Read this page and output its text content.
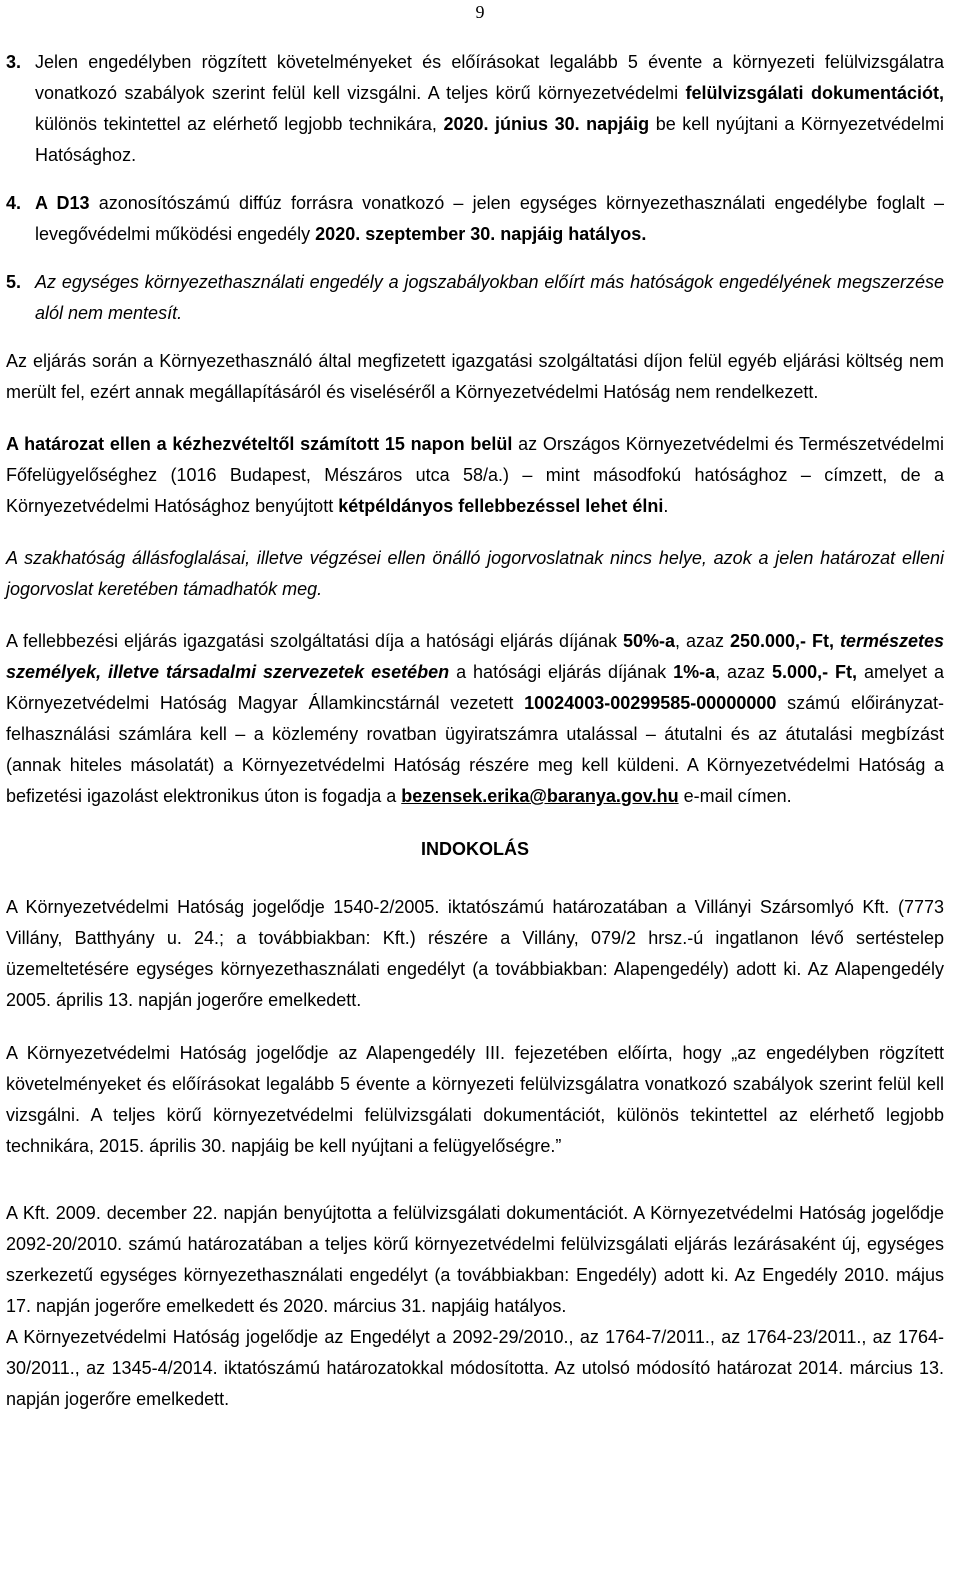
9
3. Jelen engedélyben rögzített követelményeket és előírásokat legalább 5 évente a környezeti felülvizsgálatra vonatkozó szabályok szerint felül kell vizsgálni. A teljes körű környezetvédelmi felülvizsgálati dokumentációt, különös tekintettel az elérhető legjobb technikára, 2020. június 30. napjáig be kell nyújtani a Környezetvédelmi Hatósághoz.
4. A D13 azonosítószámú diffúz forrásra vonatkozó – jelen egységes környezethasználati engedélybe foglalt – levegővédelmi működési engedély 2020. szeptember 30. napjáig hatályos.
5. Az egységes környezethasználati engedély a jogszabályokban előírt más hatóságok engedélyének megszerzése alól nem mentesít.

Az eljárás során a Környezethasználó által megfizetett igazgatási szolgáltatási díjon felül egyéb eljárási költség nem merült fel, ezért annak megállapításáról és viseléséről a Környezetvédelmi Hatóság nem rendelkezett.

A határozat ellen a kézhezvételtől számított 15 napon belül az Országos Környezetvédelmi és Természetvédelmi Főfelügyelőséghez (1016 Budapest, Mészáros utca 58/a.) – mint másodfokú hatósághoz – címzett, de a Környezetvédelmi Hatósághoz benyújtott kétpéldányos fellebbezéssel lehet élni.

A szakhatóság állásfoglalásai, illetve végzései ellen önálló jogorvoslatnak nincs helye, azok a jelen határozat elleni jogorvoslat keretében támadhatók meg.

A fellebbezési eljárás igazgatási szolgáltatási díja a hatósági eljárás díjának 50%-a, azaz 250.000,- Ft, természetes személyek, illetve társadalmi szervezetek esetében a hatósági eljárás díjának 1%-a, azaz 5.000,- Ft, amelyet a Környezetvédelmi Hatóság Magyar Államkincstárnál vezetett 10024003-00299585-00000000 számú előirányzat-felhasználási számlára kell – a közlemény rovatban ügyiratszámra utalással – átutalni és az átutalási megbízást (annak hiteles másolatát) a Környezetvédelmi Hatóság részére meg kell küldeni. A Környezetvédelmi Hatóság a befizetési igazolást elektronikus úton is fogadja a bezensek.erika@baranya.gov.hu e-mail címen.

INDOKOLÁS

A Környezetvédelmi Hatóság jogelődje 1540-2/2005. iktatószámú határozatában a Villányi Szársomlyó Kft. (7773 Villány, Batthyány u. 24.; a továbbiakban: Kft.) részére a Villány, 079/2 hrsz.-ú ingatlanon lévő sertéstelep üzemeltetésére egységes környezethasználati engedélyt (a továbbiakban: Alapengedély) adott ki. Az Alapengedély 2005. április 13. napján jogerőre emelkedett.

A Környezetvédelmi Hatóság jogelődje az Alapengedély III. fejezetében előírta, hogy „az engedélyben rögzített követelményeket és előírásokat legalább 5 évente a környezeti felülvizsgálatra vonatkozó szabályok szerint felül kell vizsgálni. A teljes körű környezetvédelmi felülvizsgálati dokumentációt, különös tekintettel az elérhető legjobb technikára, 2015. április 30. napjáig be kell nyújtani a felügyelőségre.”

A Kft. 2009. december 22. napján benyújtotta a felülvizsgálati dokumentációt. A Környezetvédelmi Hatóság jogelődje 2092-20/2010. számú határozatában a teljes körű környezetvédelmi felülvizsgálati eljárás lezárásaként új, egységes szerkezetű egységes környezethasználati engedélyt (a továbbiakban: Engedély) adott ki. Az Engedély 2010. május 17. napján jogerőre emelkedett és 2020. március 31. napjáig hatályos.

A Környezetvédelmi Hatóság jogelődje az Engedélyt a 2092-29/2010., az 1764-7/2011., az 1764-23/2011., az 1764-30/2011., az 1345-4/2014. iktatószámú határozatokkal módosította. Az utolsó módosító határozat 2014. március 13. napján jogerőre emelkedett.
